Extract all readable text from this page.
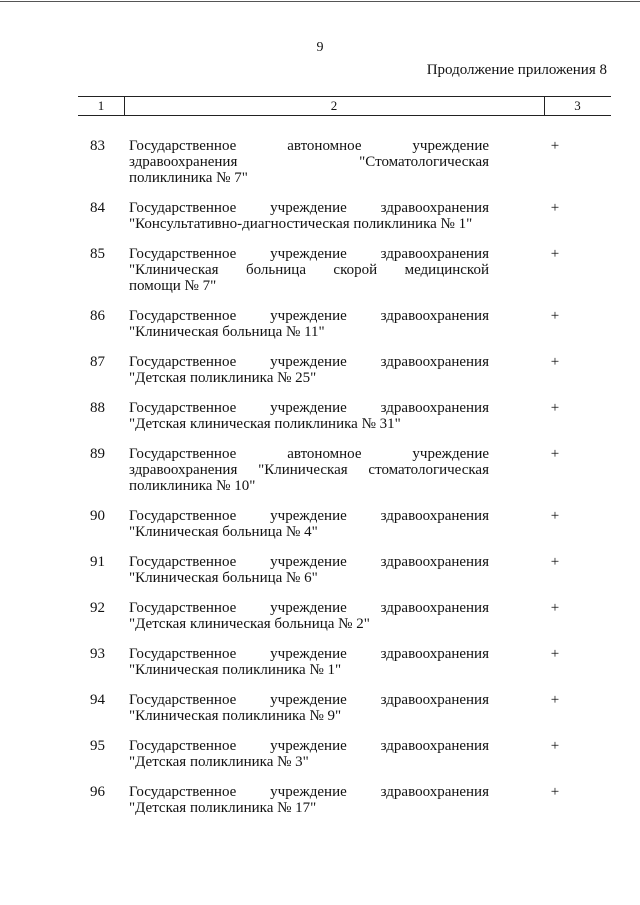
9
Продолжение приложения 8
1	2	3
83	Государственное автономное учреждение
здравоохранения "Стоматологическая
поликлиника № 7"
+
84	Государственное учреждение здравоохранения
"Консультативно-диагностическая поликлиника № 1"
+
85	Государственное учреждение здравоохранения
"Клиническая больница скорой медицинской
помощи № 7"
+
86	Государственное учреждение здравоохранения
"Клиническая больница № 11"
+
87	Государственное учреждение здравоохранения
"Детская поликлиника № 25"
+
88	Государственное учреждение здравоохранения
"Детская клиническая поликлиника № 31"
+
89	Государственное автономное учреждение
здравоохранения "Клиническая стоматологическая
поликлиника № 10"
+
90	Государственное учреждение здравоохранения
"Клиническая больница № 4"
+
91	Государственное учреждение здравоохранения
"Клиническая больница № 6"
+
92	Государственное учреждение здравоохранения
"Детская клиническая больница № 2"
+
93	Государственное учреждение здравоохранения
"Клиническая поликлиника № 1"
+
94	Государственное учреждение здравоохранения
"Клиническая поликлиника № 9"
+
95	Государственное учреждение здравоохранения
"Детская поликлиника № 3"
+
96	Государственное учреждение здравоохранения
"Детская поликлиника № 17"
+
